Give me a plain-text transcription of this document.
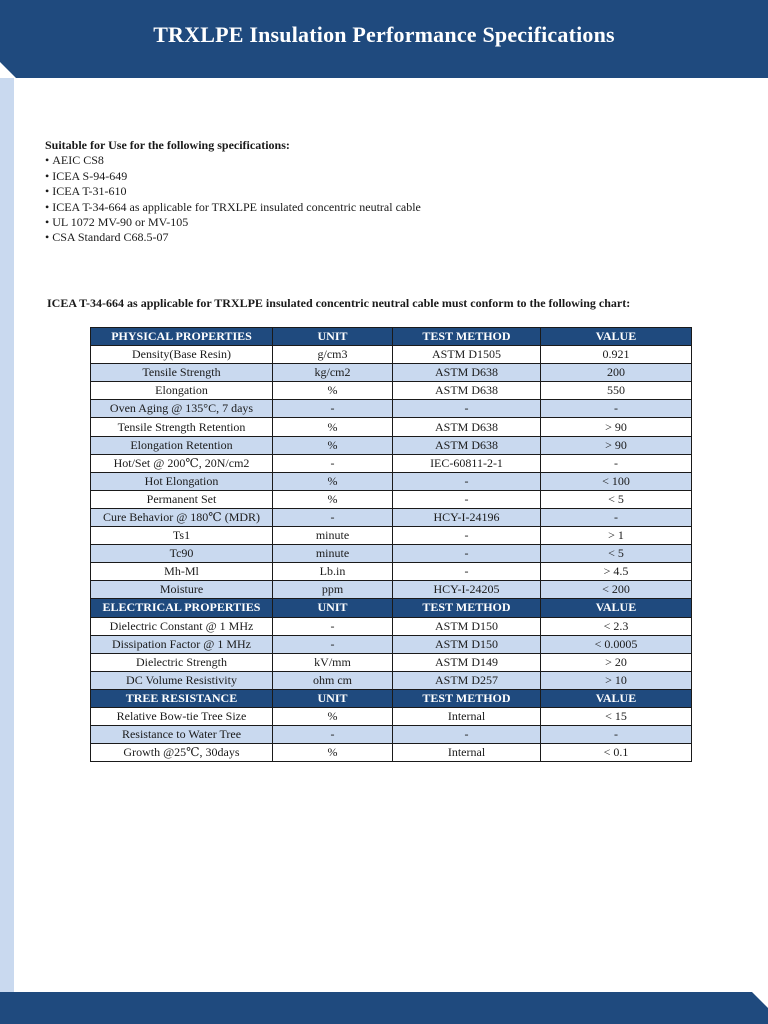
TRXLPE Insulation Performance Specifications
Suitable for Use for the following specifications:
• AEIC CS8
• ICEA S-94-649
• ICEA T-31-610
• ICEA T-34-664 as applicable for TRXLPE insulated concentric neutral cable
• UL 1072 MV-90 or MV-105
• CSA Standard C68.5-07
ICEA T-34-664 as applicable for TRXLPE insulated concentric neutral cable must conform to the following chart:
PHYSICAL PROPERTIES	UNIT	TEST METHOD	VALUE
Density(Base Resin)	g/cm3	ASTM D1505	0.921
Tensile Strength	kg/cm2	ASTM D638	200
Elongation	%	ASTM D638	550
Oven Aging @ 135°C, 7 days	-	-	-
Tensile Strength Retention	%	ASTM D638	> 90
Elongation Retention	%	ASTM D638	> 90
Hot/Set @ 200℃, 20N/cm2	-	IEC-60811-2-1	-
Hot Elongation	%	-	< 100
Permanent Set	%	-	< 5
Cure Behavior @ 180℃ (MDR)	-	HCY-I-24196	-
Ts1	minute	-	> 1
Tc90	minute	-	< 5
Mh-Ml	Lb.in	-	> 4.5
Moisture	ppm	HCY-I-24205	< 200
ELECTRICAL PROPERTIES	UNIT	TEST METHOD	VALUE
Dielectric Constant @ 1 MHz	-	ASTM D150	< 2.3
Dissipation Factor @ 1 MHz	-	ASTM D150	< 0.0005
Dielectric Strength	kV/mm	ASTM D149	> 20
DC Volume Resistivity	ohm cm	ASTM D257	> 10
TREE RESISTANCE	UNIT	TEST METHOD	VALUE
Relative Bow-tie Tree Size	%	Internal	< 15
Resistance to Water Tree	-	-	-
Growth @25℃, 30days	%	Internal	< 0.1
